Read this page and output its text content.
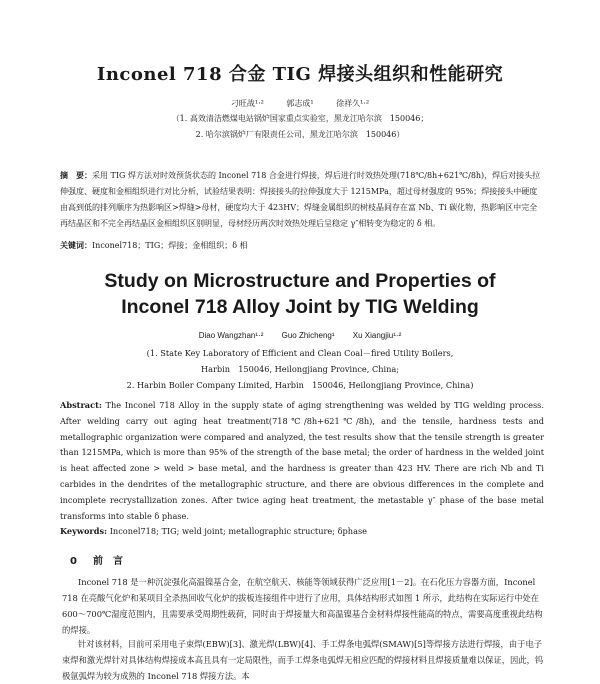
Inconel 718 合金 TIG 焊接头组织和性能研究
刁旺战¹·²	郭志成¹	徐祥久¹·²

（1. 高效清洁燃煤电站锅炉国家重点实验室，黑龙江哈尔滨　150046；

2. 哈尔滨锅炉厂有限责任公司，黑龙江哈尔滨　150046）

摘　要：采用 TIG 焊方法对时效预货状态的 Inconel 718 合金进行焊接，焊后进行时效热处理(718℃/8h+621℃/8h)，焊后对接头拉伸强度、硬度和金相组织进行对比分析，试验结果表明：焊接接头的拉伸强度大于 1215MPa，超过母材强度的 95%；焊接接头中硬度由高到低的排列顺序为热影响区>焊缝>母材，硬度均大于 423HV；焊缝金属组织的树枝晶间存在富 Nb、Ti 碳化物，热影响区中完全再结晶区和不完全再结晶区金相组织区别明显，母材经历两次时效热处理后呈稳定 γ″相转变为稳定的 δ 相。

关键词：Inconel718；TIG；焊接；金相组织；δ 相

Study on Microstructure and Properties of
Inconel 718 Alloy Joint by TIG Welding
Diao Wangzhan¹·² Guo Zhicheng¹ Xu Xiangjiu¹·²

(1. State Key Laboratory of Efficient and Clean Coal－fired Utility Boilers,

Harbin　150046, Heilongjiang Province, China;

2. Harbin Boiler Company Limited, Harbin　150046, Heilongjiang Province, China)

Abstract: The Inconel 718 Alloy in the supply state of aging strengthening was welded by TIG welding process. After welding carry out aging heat treatment(718℃/8h+621℃/8h), and the tensile, hardness tests and metallographic organization were compared and analyzed, the test results show that the tensile strength is greater than 1215MPa, which is more than 95% of the strength of the base metal; the order of hardness in the welded joint is heat affected zone > weld > base metal, and the hardness is greater than 423 HV. There are rich Nb and Ti carbides in the dendrites of the metallographic structure, and there are obvious differences in the complete and incomplete recrystallization zones. After twice aging heat treatment, the metastable γ″ phase of the base metal transforms into stable δ phase.

Keywords: Inconel718; TIG; weld joint; metallographic structure; δphase

0 前　言

Inconel 718 是一种沉淀强化高温镍基合金，在航空航天、核能等领域获得广泛应用[1－2]。在石化压力容器方面，Inconel 718 在亮酸气化炉和某项目全杀热回收气化炉的拔板连接组件中进行了应用，具体结构形式如图 1 所示，此结构在实际运行中处在 600～700℃湿度范围内，且需要承受周期性载荷，同时由于焊接量大和高温镍基合金材料焊接性能高的特点，需要高度重视此结构的焊接。

针对该材料，目前可采用电子束焊(EBW)[3]、激光焊(LBW)[4]、手工焊条电弧焊(SMAW)[5]等焊接方法进行焊接，由于电子束焊和激光焊针对具体结构焊接成本高且具有一定局限性，而手工焊条电弧焊无相应匹配的焊接材料且焊接质量难以保证，因此，钨极氩弧焊为较为成熟的 Inconel 718 焊接方法。本
